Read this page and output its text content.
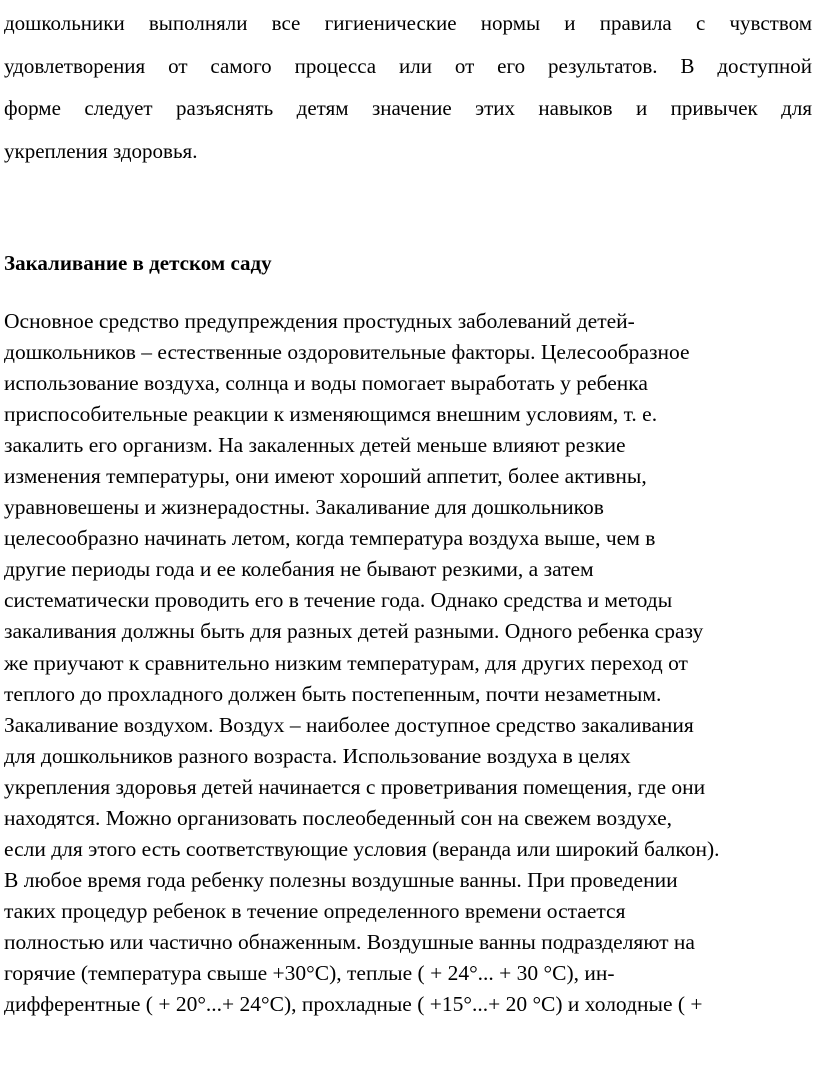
дошкольники выполняли все гигиенические нормы и правила с чувством
удовлетворения от самого процесса или от его результатов. В доступной
форме следует разъяснять детям значение этих навыков и привычек для
укрепления здоровья.
Закаливание в детском саду
Основное средство предупреждения простудных заболеваний детей-
дошкольников – естественные оздоровительные факторы. Целесообразное
использование воздуха, солнца и воды помогает выработать у ребенка
приспособительные реакции к изменяющимся внешним условиям, т. е.
закалить его организм. На закаленных детей меньше влияют резкие
изменения температуры, они имеют хороший аппетит, более активны,
уравновешены и жизнерадостны. Закаливание для дошкольников
целесообразно начинать летом, когда температура воздуха выше, чем в
другие периоды года и ее колебания не бывают резкими, а затем
систематически проводить его в течение года. Однако средства и методы
закаливания должны быть для разных детей разными. Одного ребенка сразу
же приучают к сравнительно низким температурам, для других переход от
теплого до прохладного должен быть постепенным, почти незаметным.
Закаливание воздухом. Воздух – наиболее доступное средство закаливания
для дошкольников разного возраста. Использование воздуха в целях
укрепления здоровья детей начинается с проветривания помещения, где они
находятся. Можно организовать послеобеденный сон на свежем воздухе,
если для этого есть соответствующие условия (веранда или широкий балкон).
В любое время года ребенку полезны воздушные ванны. При проведении
таких процедур ребенок в течение определенного времени остается
полностью или частично обнаженным. Воздушные ванны подразделяют на
горячие (температура свыше +30°С), теплые ( + 24°... + 30 °С), ин-
дифферентные ( + 20°...+ 24°С), прохладные ( +15°...+ 20 °С) и холодные ( +
